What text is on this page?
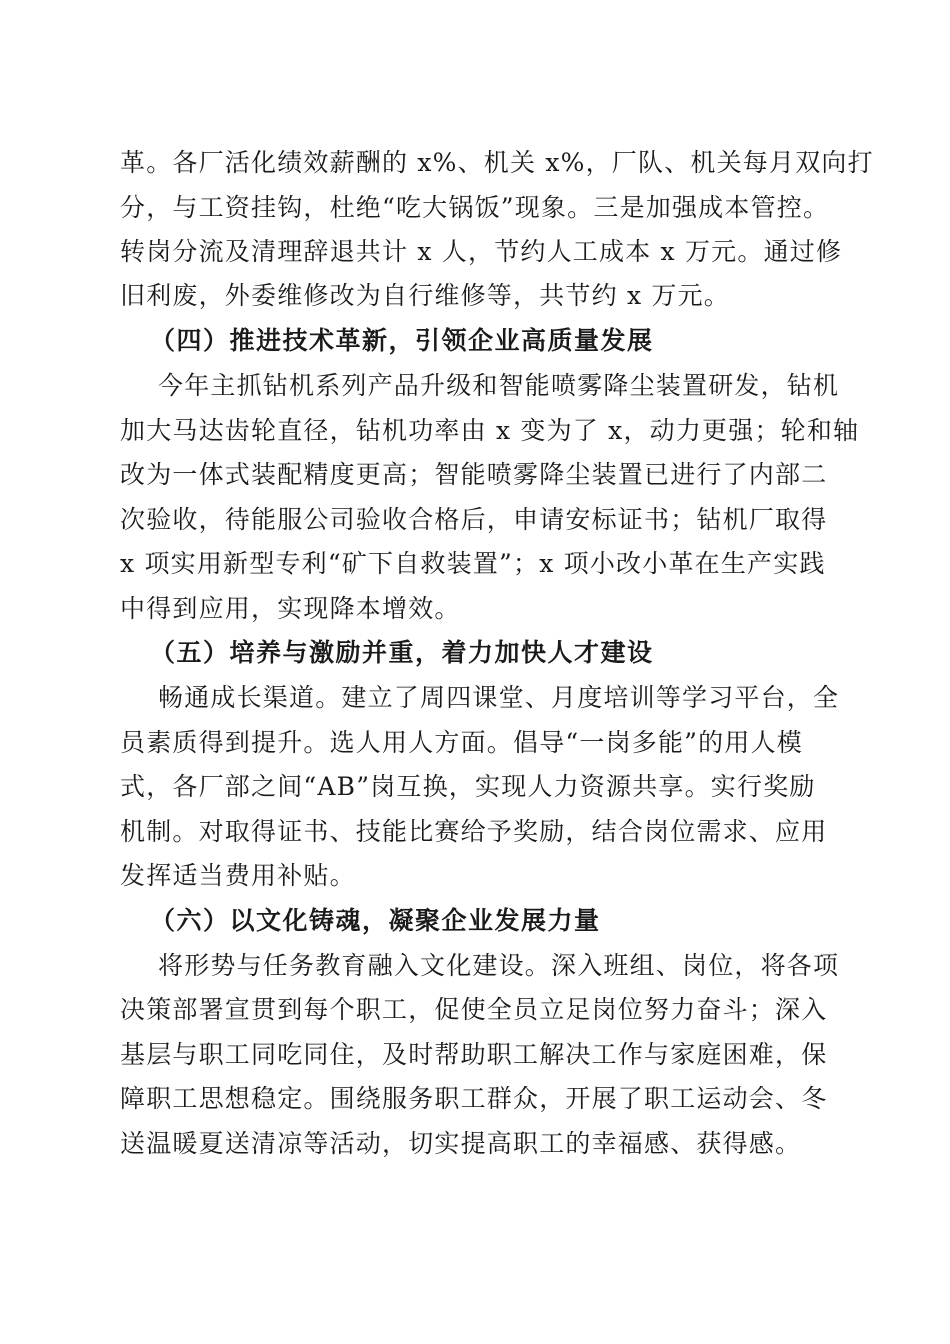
革。各厂活化绩效薪酬的 x%、机关 x%，厂队、机关每月双向打
分，与工资挂钩，杜绝“吃大锅饭”现象。三是加强成本管控。
转岗分流及清理辞退共计 x 人，节约人工成本 x 万元。通过修
旧利废，外委维修改为自行维修等，共节约 x 万元。
（四）推进技术革新，引领企业高质量发展
今年主抓钻机系列产品升级和智能喷雾降尘装置研发，钻机
加大马达齿轮直径，钻机功率由 x 变为了 x，动力更强；轮和轴
改为一体式装配精度更高；智能喷雾降尘装置已进行了内部二
次验收，待能服公司验收合格后，申请安标证书；钻机厂取得
x 项实用新型专利“矿下自救装置”；x 项小改小革在生产实践
中得到应用，实现降本增效。
（五）培养与激励并重，着力加快人才建设
畅通成长渠道。建立了周四课堂、月度培训等学习平台，全
员素质得到提升。选人用人方面。倡导“一岗多能”的用人模
式，各厂部之间“AB”岗互换，实现人力资源共享。实行奖励
机制。对取得证书、技能比赛给予奖励，结合岗位需求、应用
发挥适当费用补贴。
（六）以文化铸魂，凝聚企业发展力量
将形势与任务教育融入文化建设。深入班组、岗位，将各项
决策部署宣贯到每个职工，促使全员立足岗位努力奋斗；深入
基层与职工同吃同住，及时帮助职工解决工作与家庭困难，保
障职工思想稳定。围绕服务职工群众，开展了职工运动会、冬
送温暖夏送清凉等活动，切实提高职工的幸福感、获得感。
